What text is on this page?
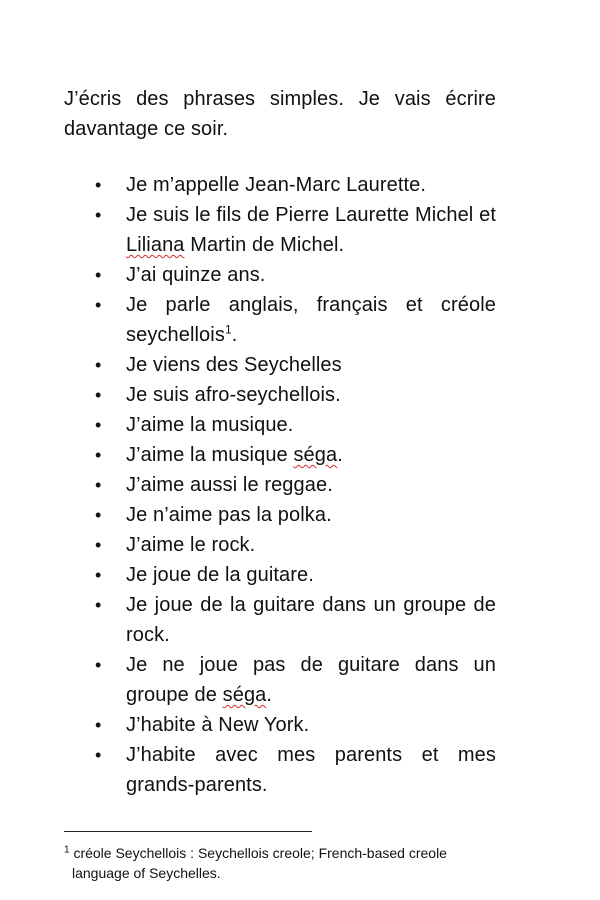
J’écris des phrases simples. Je vais écrire davantage ce soir.

• Je m’appelle Jean-Marc Laurette.
• Je suis le fils de Pierre Laurette Michel et Liliana Martin de Michel.
• J’ai quinze ans.
• Je parle anglais, français et créole seychellois$^1$.
• Je viens des Seychelles
• Je suis afro-seychellois.
• J’aime la musique.
• J’aime la musique séga.
• J’aime aussi le reggae.
• Je n’aime pas la polka.
• J’aime le rock.
• Je joue de la guitare.
• Je joue de la guitare dans un groupe de rock.
• Je ne joue pas de guitare dans un groupe de séga.
• J’habite à New York.
• J’habite avec mes parents et mes grands-parents.
$^1$ créole Seychellois : Seychellois creole; French-based creole
language of Seychelles.
